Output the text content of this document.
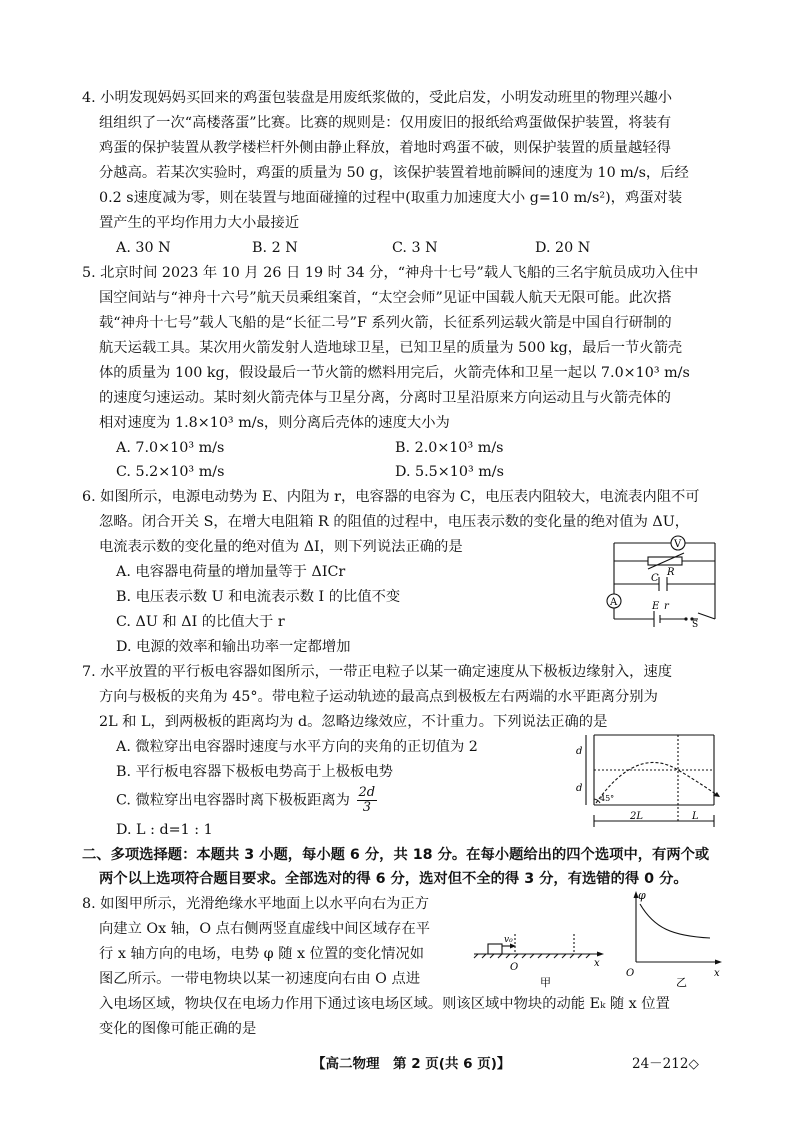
4. 小明发现妈妈买回来的鸡蛋包装盘是用废纸浆做的，受此启发，小明发动班里的物理兴趣小
组组织了一次“高楼落蛋”比赛。比赛的规则是：仅用废旧的报纸给鸡蛋做保护装置，将装有
鸡蛋的保护装置从教学楼栏杆外侧由静止释放，着地时鸡蛋不破，则保护装置的质量越轻得
分越高。若某次实验时，鸡蛋的质量为 50 g，该保护装置着地前瞬间的速度为 10 m/s，后经
0.2 s速度减为零，则在装置与地面碰撞的过程中(取重力加速度大小 g=10 m/s²)，鸡蛋对装
置产生的平均作用力大小最接近
A. 30 N	B. 2 N	C. 3 N	D. 20 N
5. 北京时间 2023 年 10 月 26 日 19 时 34 分，“神舟十七号”载人飞船的三名宇航员成功入住中
国空间站与“神舟十六号”航天员乘组案首，“太空会师”见证中国载人航天无限可能。此次搭
载“神舟十七号”载人飞船的是“长征二号”F 系列火箭，长征系列运载火箭是中国自行研制的
航天运载工具。某次用火箭发射人造地球卫星，已知卫星的质量为 500 kg，最后一节火箭壳
体的质量为 100 kg，假设最后一节火箭的燃料用完后，火箭壳体和卫星一起以 7.0×10³ m/s
的速度匀速运动。某时刻火箭壳体与卫星分离，分离时卫星沿原来方向运动且与火箭壳体的
相对速度为 1.8×10³ m/s，则分离后壳体的速度大小为
A. 7.0×10³ m/s	B. 2.0×10³ m/s
C. 5.2×10³ m/s	D. 5.5×10³ m/s
6. 如图所示，电源电动势为 E、内阻为 r，电容器的电容为 C，电压表内阻较大，电流表内阻不可
忽略。闭合开关 S，在增大电阻箱 R 的阻值的过程中，电压表示数的变化量的绝对值为 ΔU，
电流表示数的变化量的绝对值为 ΔI，则下列说法正确的是
A. 电容器电荷量的增加量等于 ΔICr
B. 电压表示数 U 和电流表示数 I 的比值不变
C. ΔU 和 ΔI 的比值大于 r
D. 电源的效率和输出功率一定都增加
V
R
C
A	E r
S
7. 水平放置的平行板电容器如图所示，一带正电粒子以某一确定速度从下极板边缘射入，速度
方向与极板的夹角为 45°。带电粒子运动轨迹的最高点到极板左右两端的水平距离分别为
2L 和 L，到两极板的距离均为 d。忽略边缘效应，不计重力。下列说法正确的是
A. 微粒穿出电容器时速度与水平方向的夹角的正切值为 2
B. 平行板电容器下极板电势高于上极板电势
C. 微粒穿出电容器时离下极板距离为 $\frac{2d}{3}$
D. L : d=1 : 1
d
d
45°
2L	L
二、多项选择题：本题共 3 小题，每小题 6 分，共 18 分。在每小题给出的四个选项中，有两个或
两个以上选项符合题目要求。全部选对的得 6 分，选对但不全的得 3 分，有选错的得 0 分。
8. 如图甲所示，光滑绝缘水平地面上以水平向右为正方
向建立 Ox 轴，O 点右侧两竖直虚线中间区域存在平
行 x 轴方向的电场，电势 φ 随 x 位置的变化情况如
图乙所示。一带电物块以某一初速度向右由 O 点进
入电场区域，物块仅在电场力作用下通过该电场区域。则该区域中物块的动能 Eₖ 随 x 位置
变化的图像可能正确的是
v₀
O	x
甲
φ
O	x
乙
【高二物理　第 2 页(共 6 页)】	24－212◇
